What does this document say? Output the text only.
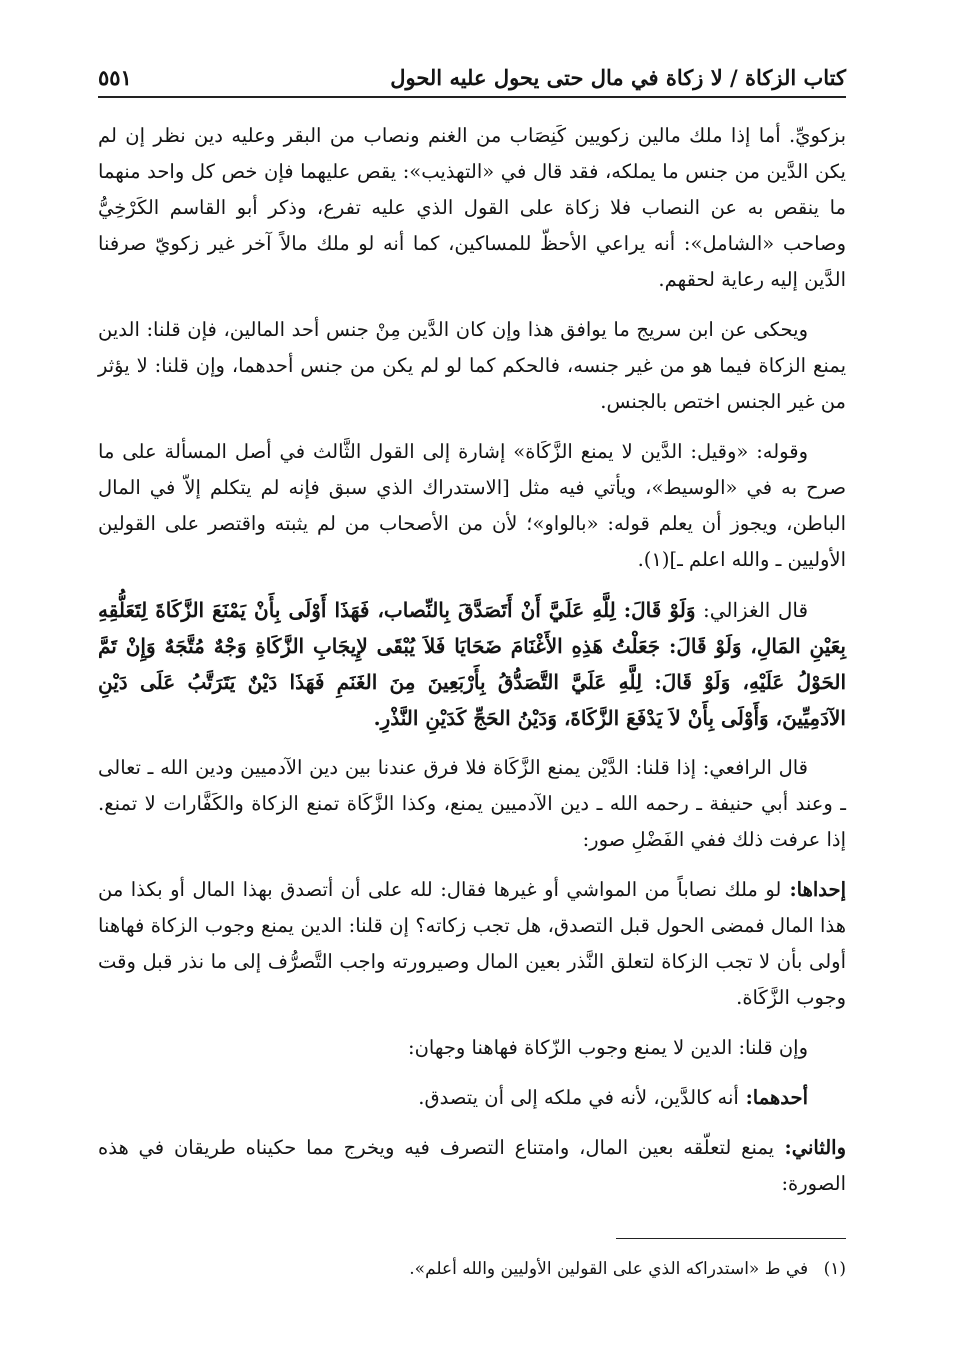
كتاب الزكاة / لا زكاة في مال حتى يحول عليه الحول
٥٥١

بزكويِّ. أما إذا ملك مالين زكويين كَنِصَاب من الغنم ونصاب من البقر وعليه دين نظر إن لم يكن الدَّين من جنس ما يملكه، فقد قال في «التهذيب»: يقص عليهما فإن خص كل واحد منهما ما ينقص به عن النصاب فلا زكاة على القول الذي عليه تفرع، وذكر أبو القاسم الكَرْخِيُّ وصاحب «الشامل»: أنه يراعي الأحظّ للمساكين، كما أنه لو ملك مالاً آخر غير زكويّ صرفنا الدَّين إليه رعاية لحقهم.

ويحكى عن ابن سريج ما يوافق هذا وإن كان الدَّين مِنْ جنس أحد المالين، فإن قلنا: الدين يمنع الزكاة فيما هو من غير جنسه، فالحكم كما لو لم يكن من جنس أحدهما، وإن قلنا: لا يؤثر من غير الجنس اختص بالجنس.

وقوله: «وقيل: الدَّين لا يمنع الزَّكَاة» إشارة إلى القول الثَّالث في أصل المسألة على ما صرح به في «الوسيط»، ويأتي فيه مثل [الاستدراك الذي سبق فإنه لم يتكلم إلاّ في المال الباطن، ويجوز أن يعلم قوله: «بالواو»؛ لأن من الأصحاب من لم يثبته واقتصر على القولين الأوليين ـ والله اعلم ـ](١).

قال الغزالي: وَلَوْ قَالَ: لِلَّهِ عَلَيَّ أَنْ أَتَصَدَّقَ بِالنِّصاب، فَهَذَا أَوْلَى بِأَنْ يَمْنَعَ الزَّكَاةَ لِتَعَلُّقِهِ بِعَيْنِ المَالِ، وَلَوْ قَالَ: جَعَلْتُ هَذِهِ الأَغْنَامَ ضَحَايَا فَلاَ يُبْقَى لإِيجَابِ الزَّكَاةِ وَجْهٌ مُتَّجَهٌ وَإِنْ تَمَّ الحَوْلُ عَلَيْهِ، وَلَوْ قَالَ: لِلَّهِ عَلَيَّ التَّصَدُّقُ بِأَرْبَعِينَ مِنَ الغَنَمِ فَهَذَا دَيْنٌ يَتَرَتَّبُ عَلَى دَيْنِ الآدَمِيِّينَ، وَأَوْلَى بِأَنْ لاَ يَدْفَعَ الزَّكَاةَ، وَدَيْنُ الحَجِّ كَدَيْنِ النَّذْرِ.

قال الرافعي: إذا قلنا: الدَّيْن يمنع الزَّكَاة فلا فرق عندنا بين دين الآدميين ودين الله ـ تعالى ـ وعند أبي حنيفة ـ رحمه الله ـ دين الآدميين يمنع، وكذا الزَّكَاة تمنع الزكاة والكَفَّارات لا تمنع. إذا عرفت ذلك ففي الفَضْلِ صور:

إحداها: لو ملك نصاباً من المواشي أو غيرها فقال: لله على أن أتصدق بهذا المال أو بكذا من هذا المال فمضى الحول قبل التصدق، هل تجب زكاته؟ إن قلنا: الدين يمنع وجوب الزكاة فهاهنا أولى بأن لا تجب الزكاة لتعلق النَّذر بعين المال وصيرورته واجب التَّصرُّف إلى ما نذر قبل وقت وجوب الزَّكَاة.

وإن قلنا: الدين لا يمنع وجوب الزّكاة فهاهنا وجهان:

أحدهما: أنه كالدَّين، لأنه في ملكه إلى أن يتصدق.

والثاني: يمنع لتعلّقه بعين المال، وامتناع التصرف فيه ويخرج مما حكيناه طريقان في هذه الصورة:

(١) في ط «استدراكه الذي على القولين الأوليين والله أعلم».
